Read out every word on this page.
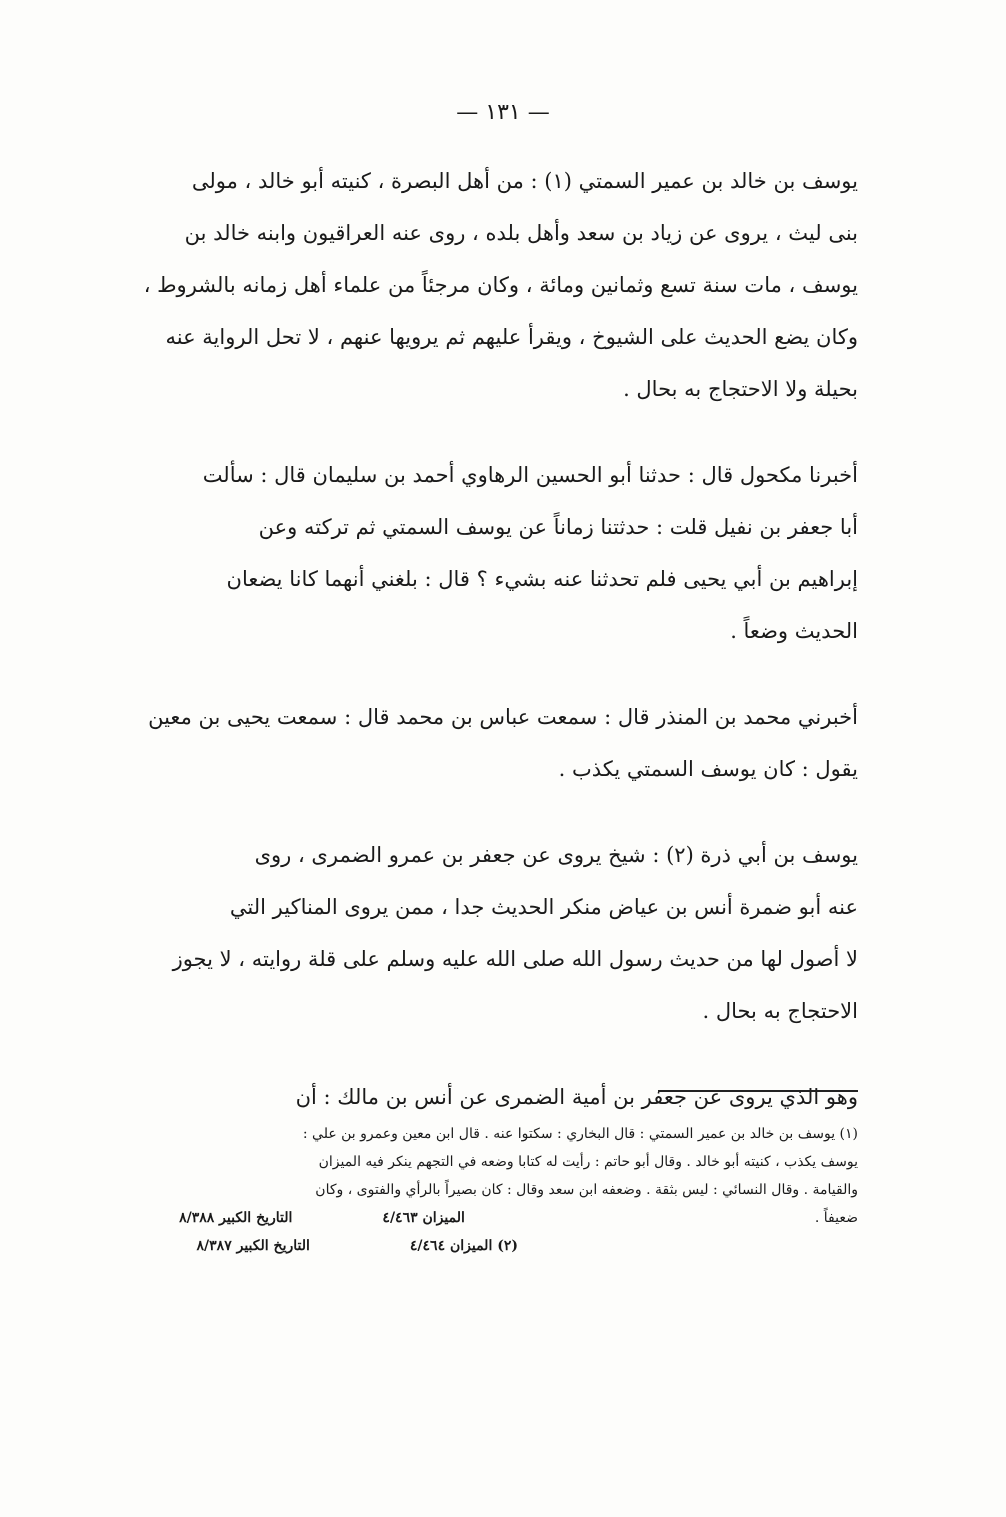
— ١٣١ —
يوسف بن خالد بن عمير السمتي (١) : من أهل البصرة ، كنيته أبو خالد ، مولى
بنى ليث ، يروى عن زياد بن سعد وأهل بلده ، روى عنه العراقيون وابنه خالد بن
يوسف ، مات سنة تسع وثمانين ومائة ، وكان مرجئاً من علماء أهل زمانه بالشروط ،
وكان يضع الحديث على الشيوخ ، ويقرأ عليهم ثم يرويها عنهم ، لا تحل الرواية عنه
بحيلة ولا الاحتجاج به بحال .
أخبرنا مكحول قال : حدثنا أبو الحسين الرهاوي أحمد بن سليمان قال : سألت
أبا جعفر بن نفيل قلت : حدثتنا زماناً عن يوسف السمتي ثم تركته وعن
إبراهيم بن أبي يحيى فلم تحدثنا عنه بشيء ؟ قال : بلغني أنهما كانا يضعان
الحديث وضعاً .
أخبرني محمد بن المنذر قال : سمعت عباس بن محمد قال : سمعت يحيى بن معين
يقول : كان يوسف السمتي يكذب .
يوسف بن أبي ذرة (٢) : شيخ يروى عن جعفر بن عمرو الضمرى ، روى
عنه أبو ضمرة أنس بن عياض منكر الحديث جدا ، ممن يروى المناكير التي
لا أصول لها من حديث رسول الله صلى الله عليه وسلم على قلة روايته ، لا يجوز
الاحتجاج به بحال .
وهو الذي يروى عن جعفر بن أمية الضمرى عن أنس بن مالك : أن
(١) يوسف بن خالد بن عمير السمتي : قال البخاري : سكتوا عنه . قال ابن معين وعمرو بن علي :
يوسف يكذب ، كنيته أبو خالد . وقال أبو حاتم : رأيت له كتابا وضعه في التجهم ينكر فيه الميزان
والقيامة . وقال النسائي : ليس بثقة . وضعفه ابن سعد وقال : كان بصيراً بالرأي والفتوى ، وكان
ضعيفاً .
الميزان ٤/٤٦٣
التاريخ الكبير ٨/٣٨٨
(٢) الميزان ٤/٤٦٤
التاريخ الكبير ٨/٣٨٧
